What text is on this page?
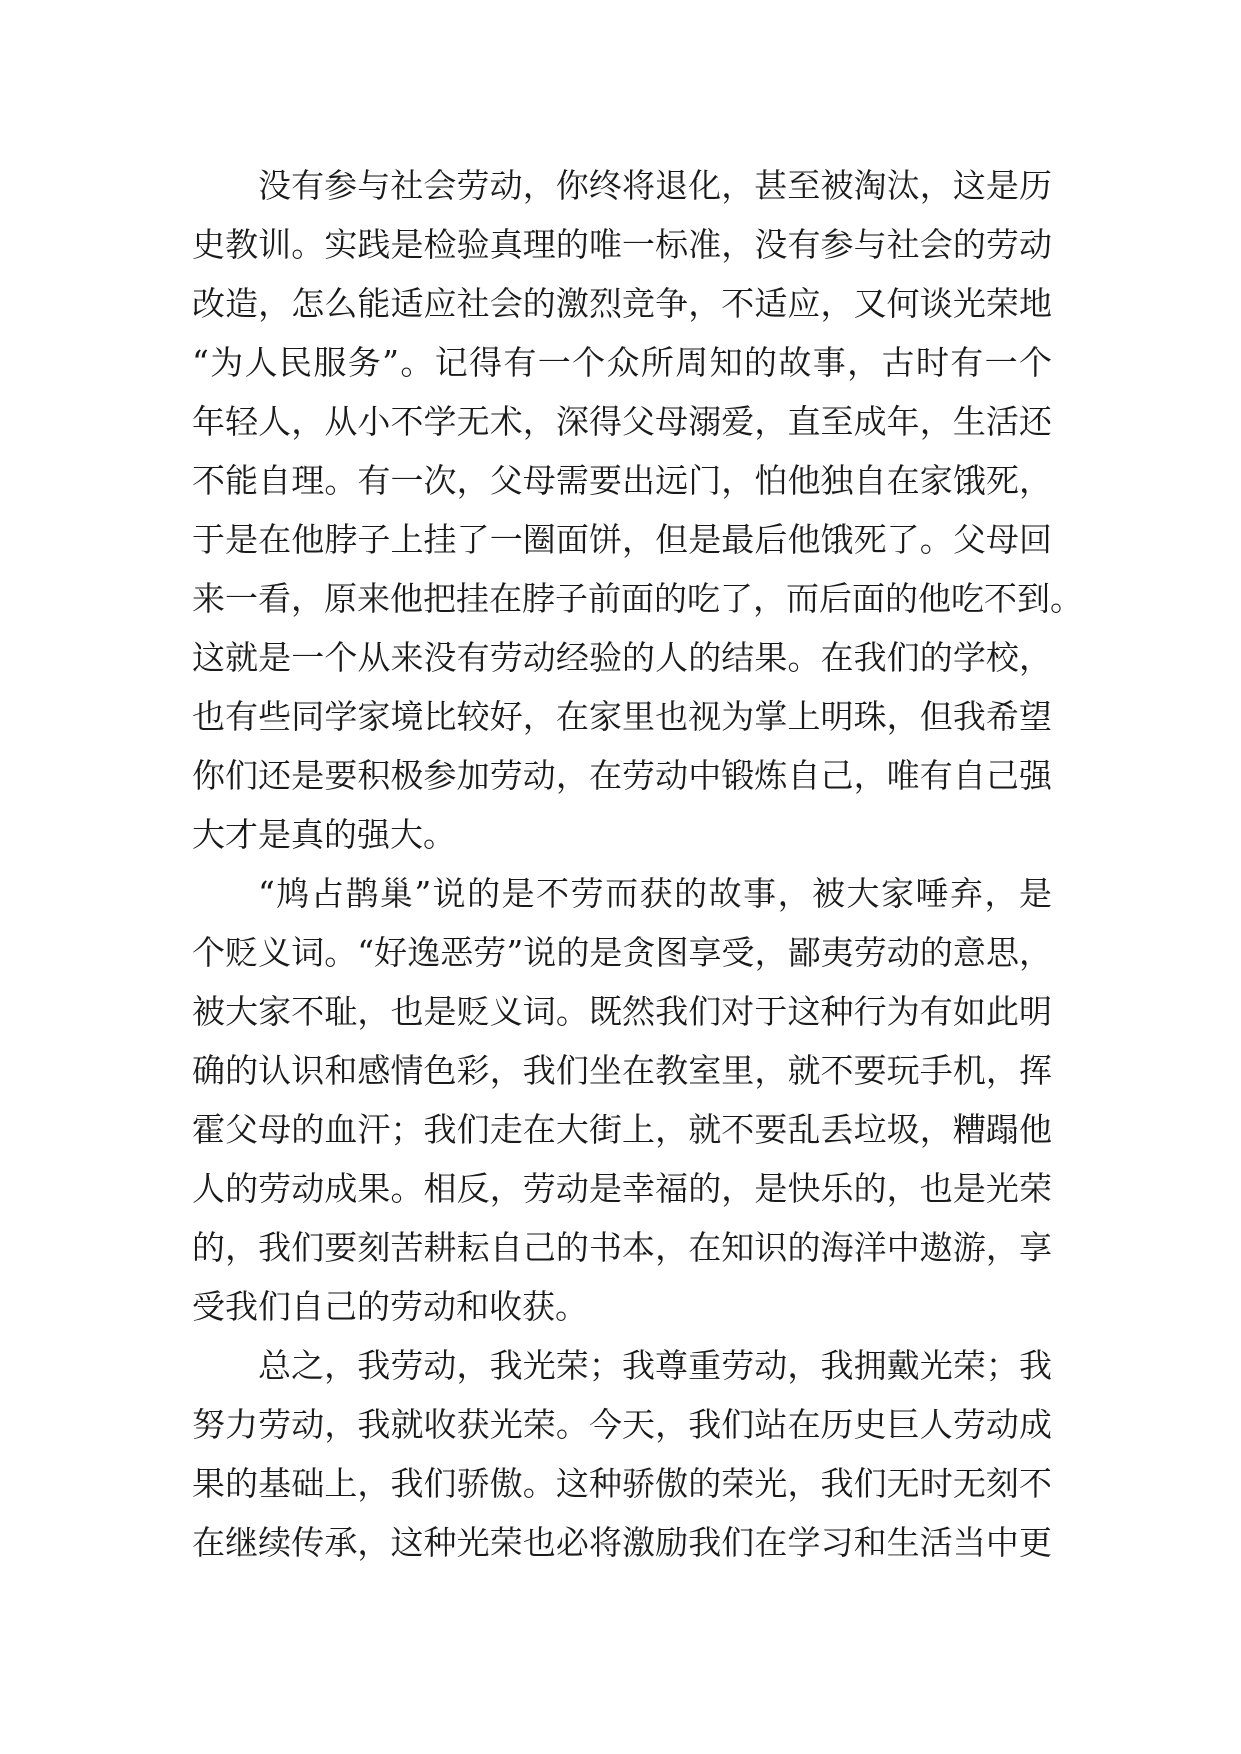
没有参与社会劳动，你终将退化，甚至被淘汰，这是历
史教训。实践是检验真理的唯一标准，没有参与社会的劳动
改造，怎么能适应社会的激烈竞争，不适应，又何谈光荣地
“为人民服务”。记得有一个众所周知的故事，古时有一个
年轻人，从小不学无术，深得父母溺爱，直至成年，生活还
不能自理。有一次，父母需要出远门，怕他独自在家饿死，
于是在他脖子上挂了一圈面饼，但是最后他饿死了。父母回
来一看，原来他把挂在脖子前面的吃了，而后面的他吃不到。
这就是一个从来没有劳动经验的人的结果。在我们的学校，
也有些同学家境比较好，在家里也视为掌上明珠，但我希望
你们还是要积极参加劳动，在劳动中锻炼自己，唯有自己强
大才是真的强大。
“鸠占鹊巢”说的是不劳而获的故事，被大家唾弃，是
个贬义词。“好逸恶劳”说的是贪图享受，鄙夷劳动的意思，
被大家不耻，也是贬义词。既然我们对于这种行为有如此明
确的认识和感情色彩，我们坐在教室里，就不要玩手机，挥
霍父母的血汗；我们走在大街上，就不要乱丢垃圾，糟蹋他
人的劳动成果。相反，劳动是幸福的，是快乐的，也是光荣
的，我们要刻苦耕耘自己的书本，在知识的海洋中遨游，享
受我们自己的劳动和收获。
总之，我劳动，我光荣；我尊重劳动，我拥戴光荣；我
努力劳动，我就收获光荣。今天，我们站在历史巨人劳动成
果的基础上，我们骄傲。这种骄傲的荣光，我们无时无刻不
在继续传承，这种光荣也必将激励我们在学习和生活当中更
